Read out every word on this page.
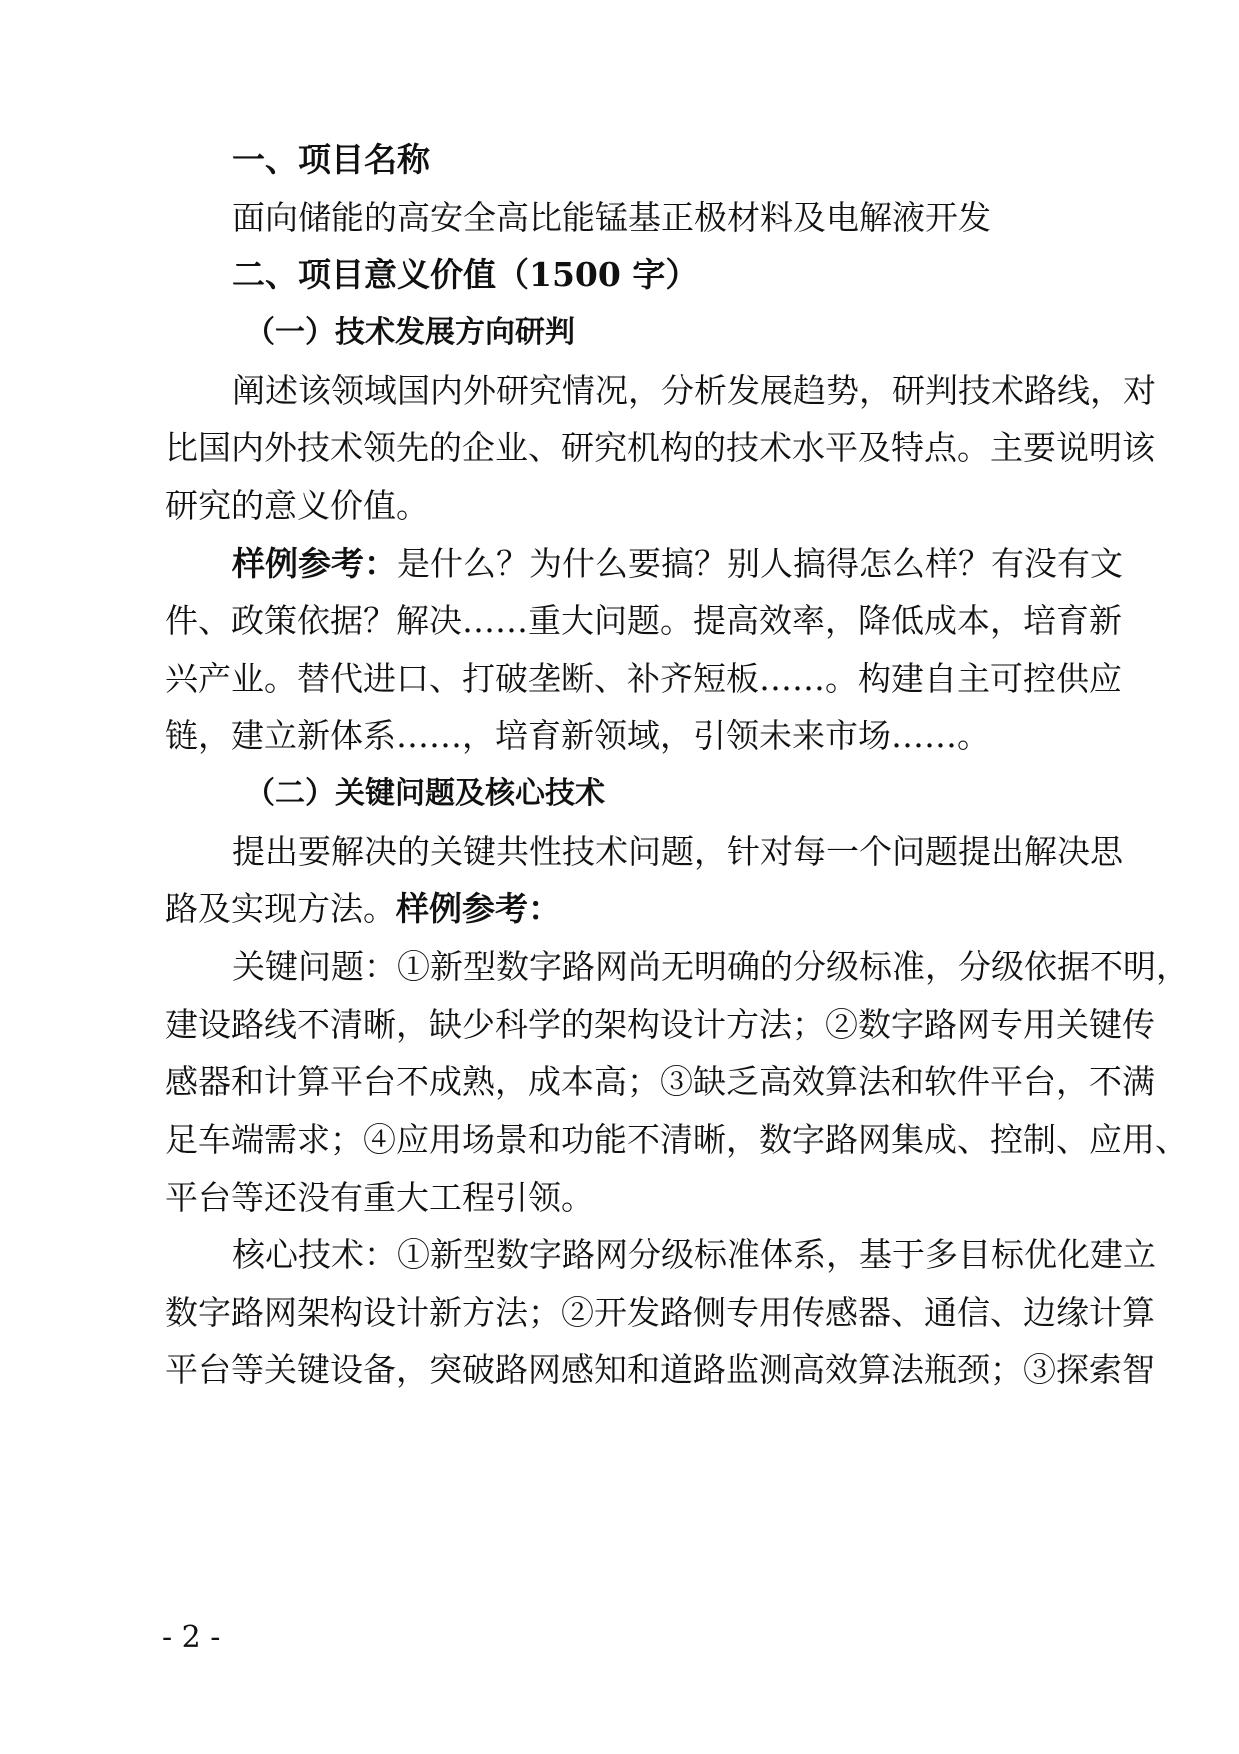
一、项目名称
面向储能的高安全高比能锰基正极材料及电解液开发
二、项目意义价值（1500 字）
（一）技术发展方向研判
阐述该领域国内外研究情况，分析发展趋势，研判技术路线，对
比国内外技术领先的企业、研究机构的技术水平及特点。主要说明该
研究的意义价值。
样例参考：是什么？为什么要搞？别人搞得怎么样？有没有文
件、政策依据？解决……重大问题。提高效率，降低成本，培育新
兴产业。替代进口、打破垄断、补齐短板……。构建自主可控供应
链，建立新体系……，培育新领域，引领未来市场……。
（二）关键问题及核心技术
提出要解决的关键共性技术问题，针对每一个问题提出解决思
路及实现方法。样例参考：
关键问题：①新型数字路网尚无明确的分级标准，分级依据不明，
建设路线不清晰，缺少科学的架构设计方法；②数字路网专用关键传
感器和计算平台不成熟，成本高；③缺乏高效算法和软件平台，不满
足车端需求；④应用场景和功能不清晰，数字路网集成、控制、应用、
平台等还没有重大工程引领。
核心技术：①新型数字路网分级标准体系，基于多目标优化建立
数字路网架构设计新方法；②开发路侧专用传感器、通信、边缘计算
平台等关键设备，突破路网感知和道路监测高效算法瓶颈；③探索智
- 2 -
